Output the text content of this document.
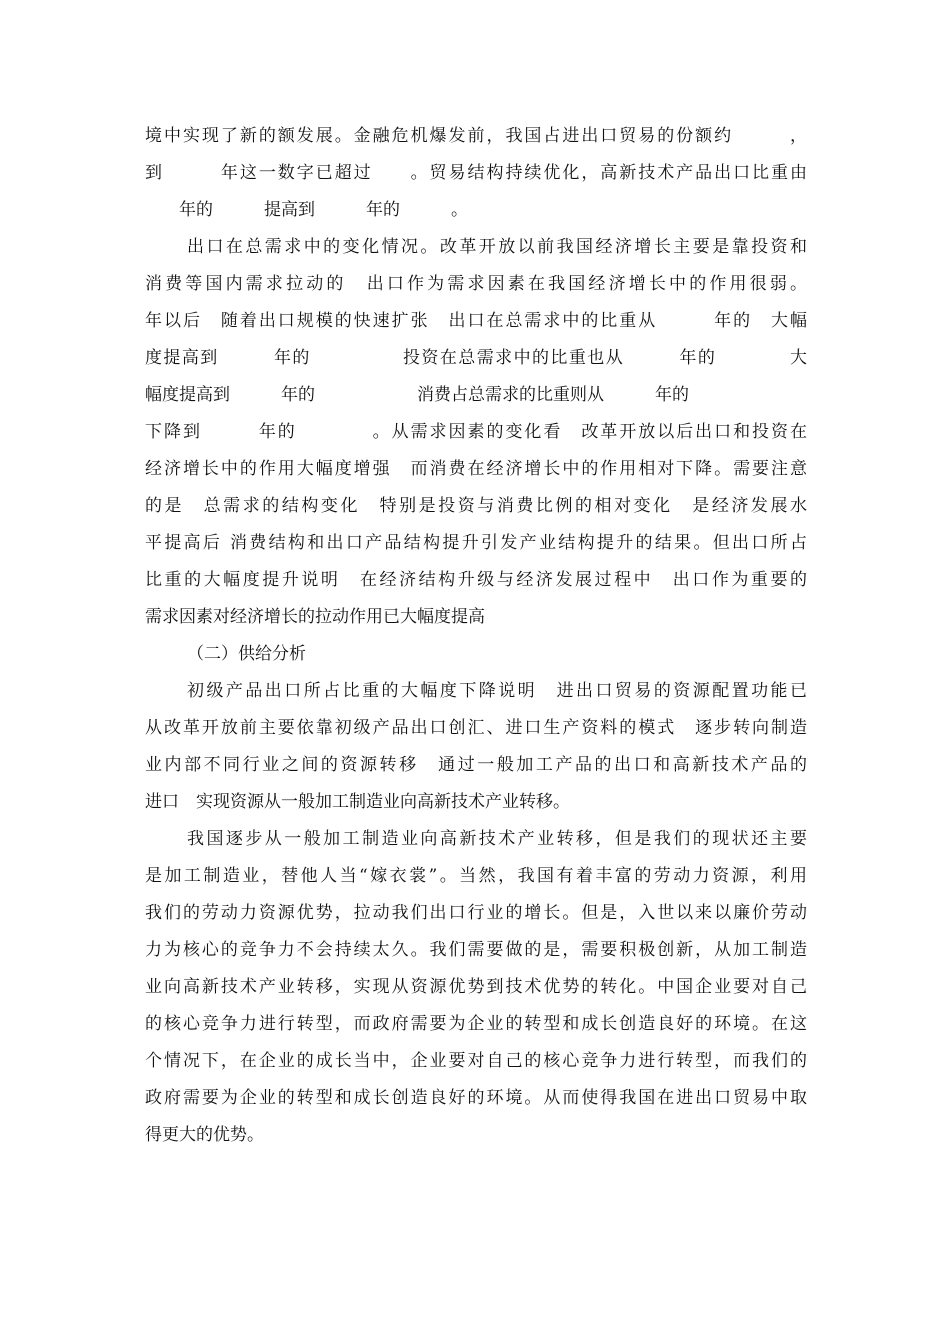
境中实现了新的额发展。金融危机爆发前，我国占进出口贸易的份额约　　　，
到　　　年这一数字已超过　　。贸易结构持续优化，高新技术产品出口比重由
　　年的　　　提高到　　　年的　　　。
出口在总需求中的变化情况。改革开放以前我国经济增长主要是靠投资和
消费等国内需求拉动的　出口作为需求因素在我国经济增长中的作用很弱。
年以后　随着出口规模的快速扩张　出口在总需求中的比重从　　　年的　大幅
度提高到　　　年的　　　　　投资在总需求中的比重也从　　　年的　　　　大
幅度提高到　　　年的　　　　　　消费占总需求的比重则从　　　年的
下降到　　　年的　　　　。从需求因素的变化看　改革开放以后出口和投资在
经济增长中的作用大幅度增强　而消费在经济增长中的作用相对下降。需要注意
的是　总需求的结构变化　特别是投资与消费比例的相对变化　是经济发展水
平提高后 消费结构和出口产品结构提升引发产业结构提升的结果。但出口所占
比重的大幅度提升说明　在经济结构升级与经济发展过程中　出口作为重要的
需求因素对经济增长的拉动作用已大幅度提高
（二）供给分析
初级产品出口所占比重的大幅度下降说明　进出口贸易的资源配置功能已
从改革开放前主要依靠初级产品出口创汇、进口生产资料的模式　逐步转向制造
业内部不同行业之间的资源转移　通过一般加工产品的出口和高新技术产品的
进口　实现资源从一般加工制造业向高新技术产业转移。
我国逐步从一般加工制造业向高新技术产业转移，但是我们的现状还主要
是加工制造业，替他人当“嫁衣裳”。当然，我国有着丰富的劳动力资源，利用
我们的劳动力资源优势，拉动我们出口行业的增长。但是，入世以来以廉价劳动
力为核心的竞争力不会持续太久。我们需要做的是，需要积极创新，从加工制造
业向高新技术产业转移，实现从资源优势到技术优势的转化。中国企业要对自己
的核心竞争力进行转型，而政府需要为企业的转型和成长创造良好的环境。在这
个情况下，在企业的成长当中，企业要对自己的核心竞争力进行转型，而我们的
政府需要为企业的转型和成长创造良好的环境。从而使得我国在进出口贸易中取
得更大的优势。
